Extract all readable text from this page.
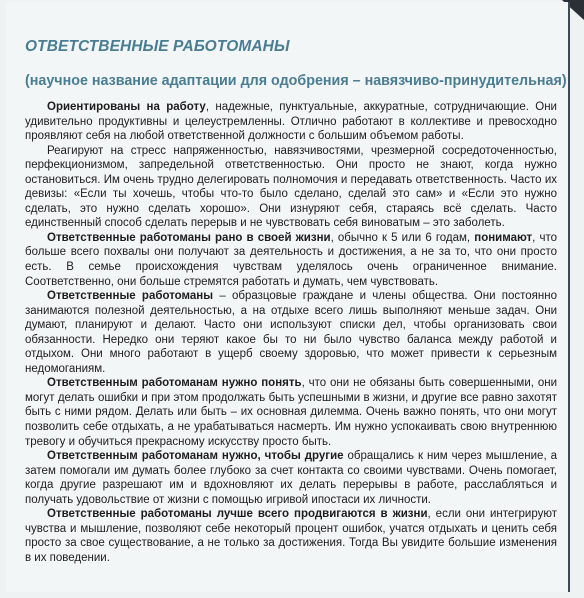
ОТВЕТСТВЕННЫЕ РАБОТОМАНЫ
(научное название адаптации для одобрения – навязчиво-принудительная)

Ориентированы на работу, надежные, пунктуальные, аккуратные, сотрудничающие. Они удивительно продуктивны и целеустремленны. Отлично работают в коллективе и превосходно проявляют себя на любой ответственной должности с большим объемом работы.

Реагируют на стресс напряженностью, навязчивостями, чрезмерной сосредоточенностью, перфекционизмом, запредельной ответственностью. Они просто не знают, когда нужно остановиться. Им очень трудно делегировать полномочия и передавать ответственность. Часто их девизы: «Если ты хочешь, чтобы что-то было сделано, сделай это сам» и «Если это нужно сделать, это нужно сделать хорошо». Они изнуряют себя, стараясь всё сделать. Часто единственный способ сделать перерыв и не чувствовать себя виноватым – это заболеть.

Ответственные работоманы рано в своей жизни, обычно к 5 или 6 годам, понимают, что больше всего похвалы они получают за деятельность и достижения, а не за то, что они просто есть. В семье происхождения чувствам уделялось очень ограниченное внимание. Соответственно, они больше стремятся работать и думать, чем чувствовать.

Ответственные работоманы – образцовые граждане и члены общества. Они постоянно занимаются полезной деятельностью, а на отдыхе всего лишь выполняют меньше задач. Они думают, планируют и делают. Часто они используют списки дел, чтобы организовать свои обязанности. Нередко они теряют какое бы то ни было чувство баланса между работой и отдыхом. Они много работают в ущерб своему здоровью, что может привести к серьезным недомоганиям.

Ответственным работоманам нужно понять, что они не обязаны быть совершенными, они могут делать ошибки и при этом продолжать быть успешными в жизни, и другие все равно захотят быть с ними рядом. Делать или быть – их основная дилемма. Очень важно понять, что они могут позволить себе отдыхать, а не урабатываться насмерть. Им нужно успокаивать свою внутреннюю тревогу и обучиться прекрасному искусству просто быть.

Ответственным работоманам нужно, чтобы другие обращались к ним через мышление, а затем помогали им думать более глубоко за счет контакта со своими чувствами. Очень помогает, когда другие разрешают им и вдохновляют их делать перерывы в работе, расслабляться и получать удовольствие от жизни с помощью игривой ипостаси их личности.

Ответственные работоманы лучше всего продвигаются в жизни, если они интегрируют чувства и мышление, позволяют себе некоторый процент ошибок, учатся отдыхать и ценить себя просто за свое существование, а не только за достижения. Тогда Вы увидите большие изменения в их поведении.
